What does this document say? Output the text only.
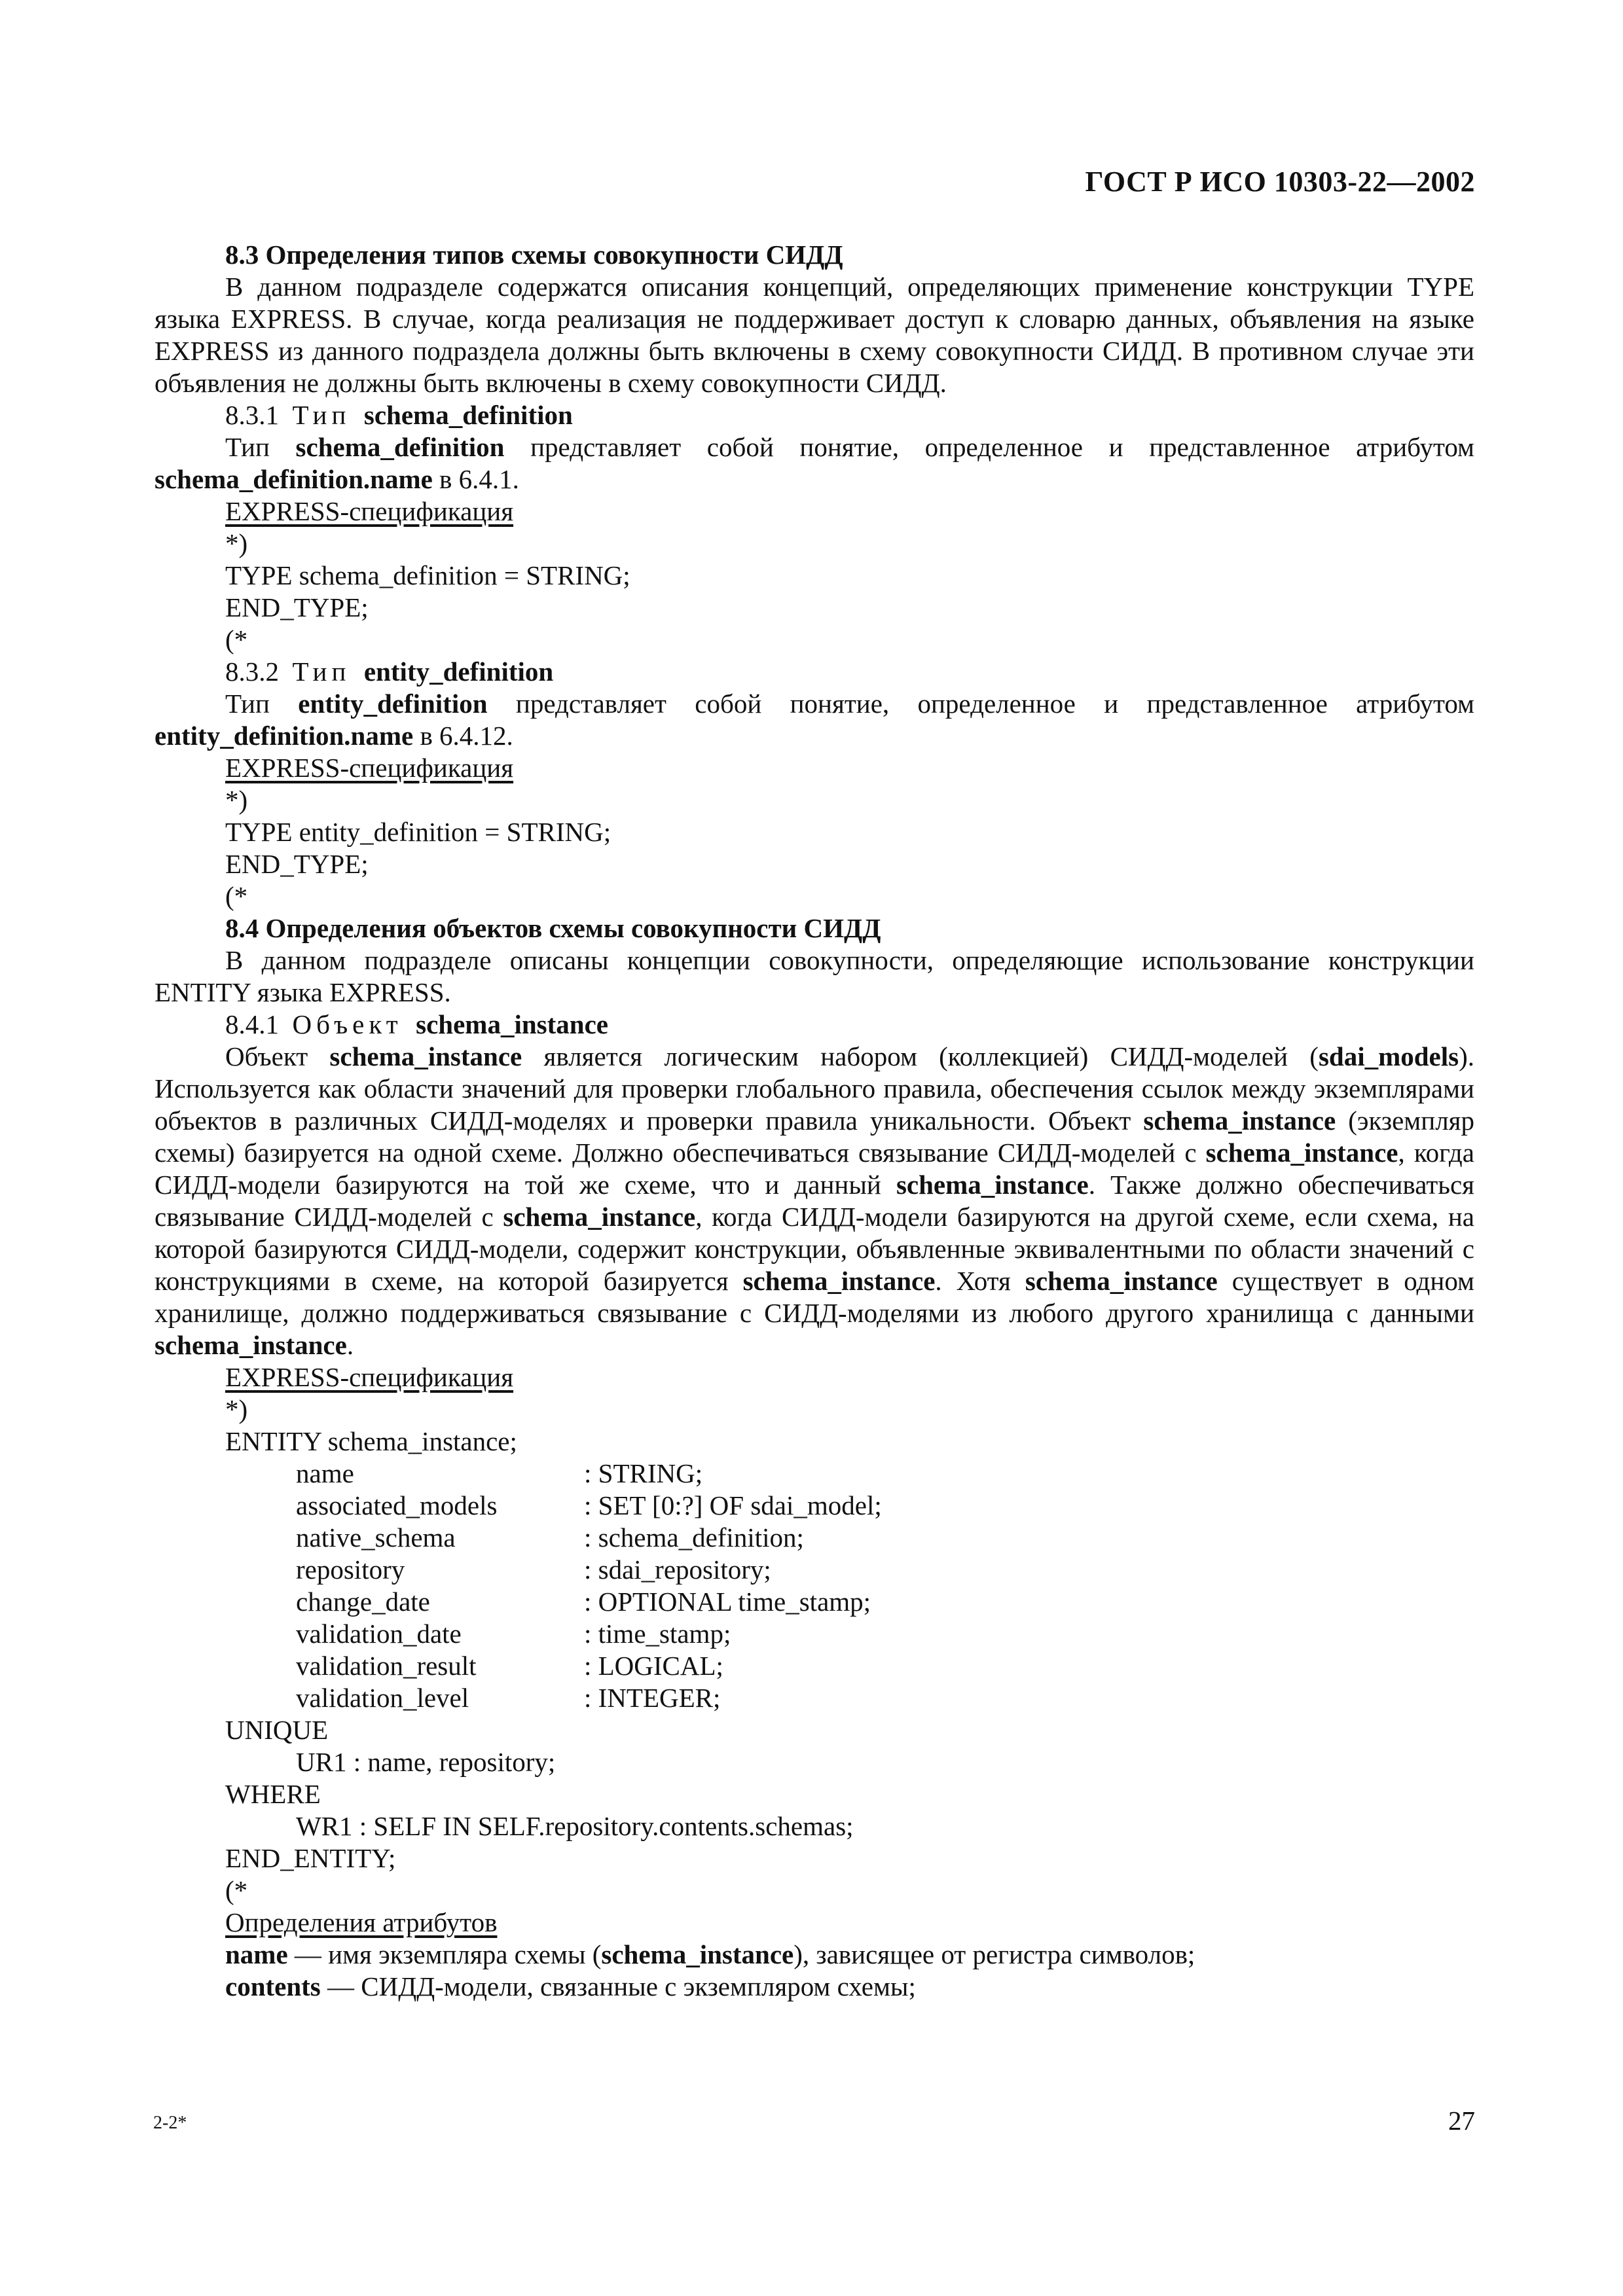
ГОСТ Р ИСО 10303-22—2002

8.3 Определения типов схемы совокупности СИДД

В данном подразделе содержатся описания концепций, определяющих применение конструкции TYPE языка EXPRESS. В случае, когда реализация не поддерживает доступ к словарю данных, объявления на языке EXPRESS из данного подраздела должны быть включены в схему совокупности СИДД. В противном случае эти объявления не должны быть включены в схему совокупности СИДД.

8.3.1 Тип schema_definition

Тип schema_definition представляет собой понятие, определенное и представленное атрибутом schema_definition.name в 6.4.1.

EXPRESS-спецификация

*)

TYPE schema_definition = STRING;

END_TYPE;

(*

8.3.2 Тип entity_definition

Тип entity_definition представляет собой понятие, определенное и представленное атрибутом entity_definition.name в 6.4.12.

EXPRESS-спецификация

*)

TYPE entity_definition = STRING;

END_TYPE;

(*

8.4 Определения объектов схемы совокупности СИДД

В данном подразделе описаны концепции совокупности, определяющие использование конструкции ENTITY языка EXPRESS.

8.4.1 Объект schema_instance

Объект schema_instance является логическим набором (коллекцией) СИДД-моделей (sdai_models). Используется как области значений для проверки глобального правила, обеспечения ссылок между экземплярами объектов в различных СИДД-моделях и проверки правила уникальности. Объект schema_instance (экземпляр схемы) базируется на одной схеме. Должно обеспечиваться связывание СИДД-моделей с schema_instance, когда СИДД-модели базируются на той же схеме, что и данный schema_instance. Также должно обеспечиваться связывание СИДД-моделей с schema_instance, когда СИДД-модели базируются на другой схеме, если схема, на которой базируются СИДД-модели, содержит конструкции, объявленные эквивалентными по области значений с конструкциями в схеме, на которой базируется schema_instance. Хотя schema_instance существует в одном хранилище, должно поддерживаться связывание с СИДД-моделями из любого другого хранилища с данными schema_instance.

EXPRESS-спецификация

*)

ENTITY schema_instance;

name	: STRING;

associated_models	: SET [0:?] OF sdai_model;

native_schema	: schema_definition;

repository	: sdai_repository;

change_date	: OPTIONAL time_stamp;

validation_date	: time_stamp;

validation_result	: LOGICAL;

validation_level	: INTEGER;

UNIQUE

UR1 : name, repository;

WHERE

WR1 : SELF IN SELF.repository.contents.schemas;

END_ENTITY;

(*

Определения атрибутов

name — имя экземпляра схемы (schema_instance), зависящее от регистра символов;

contents — СИДД-модели, связанные с экземпляром схемы;

2-2*	27
